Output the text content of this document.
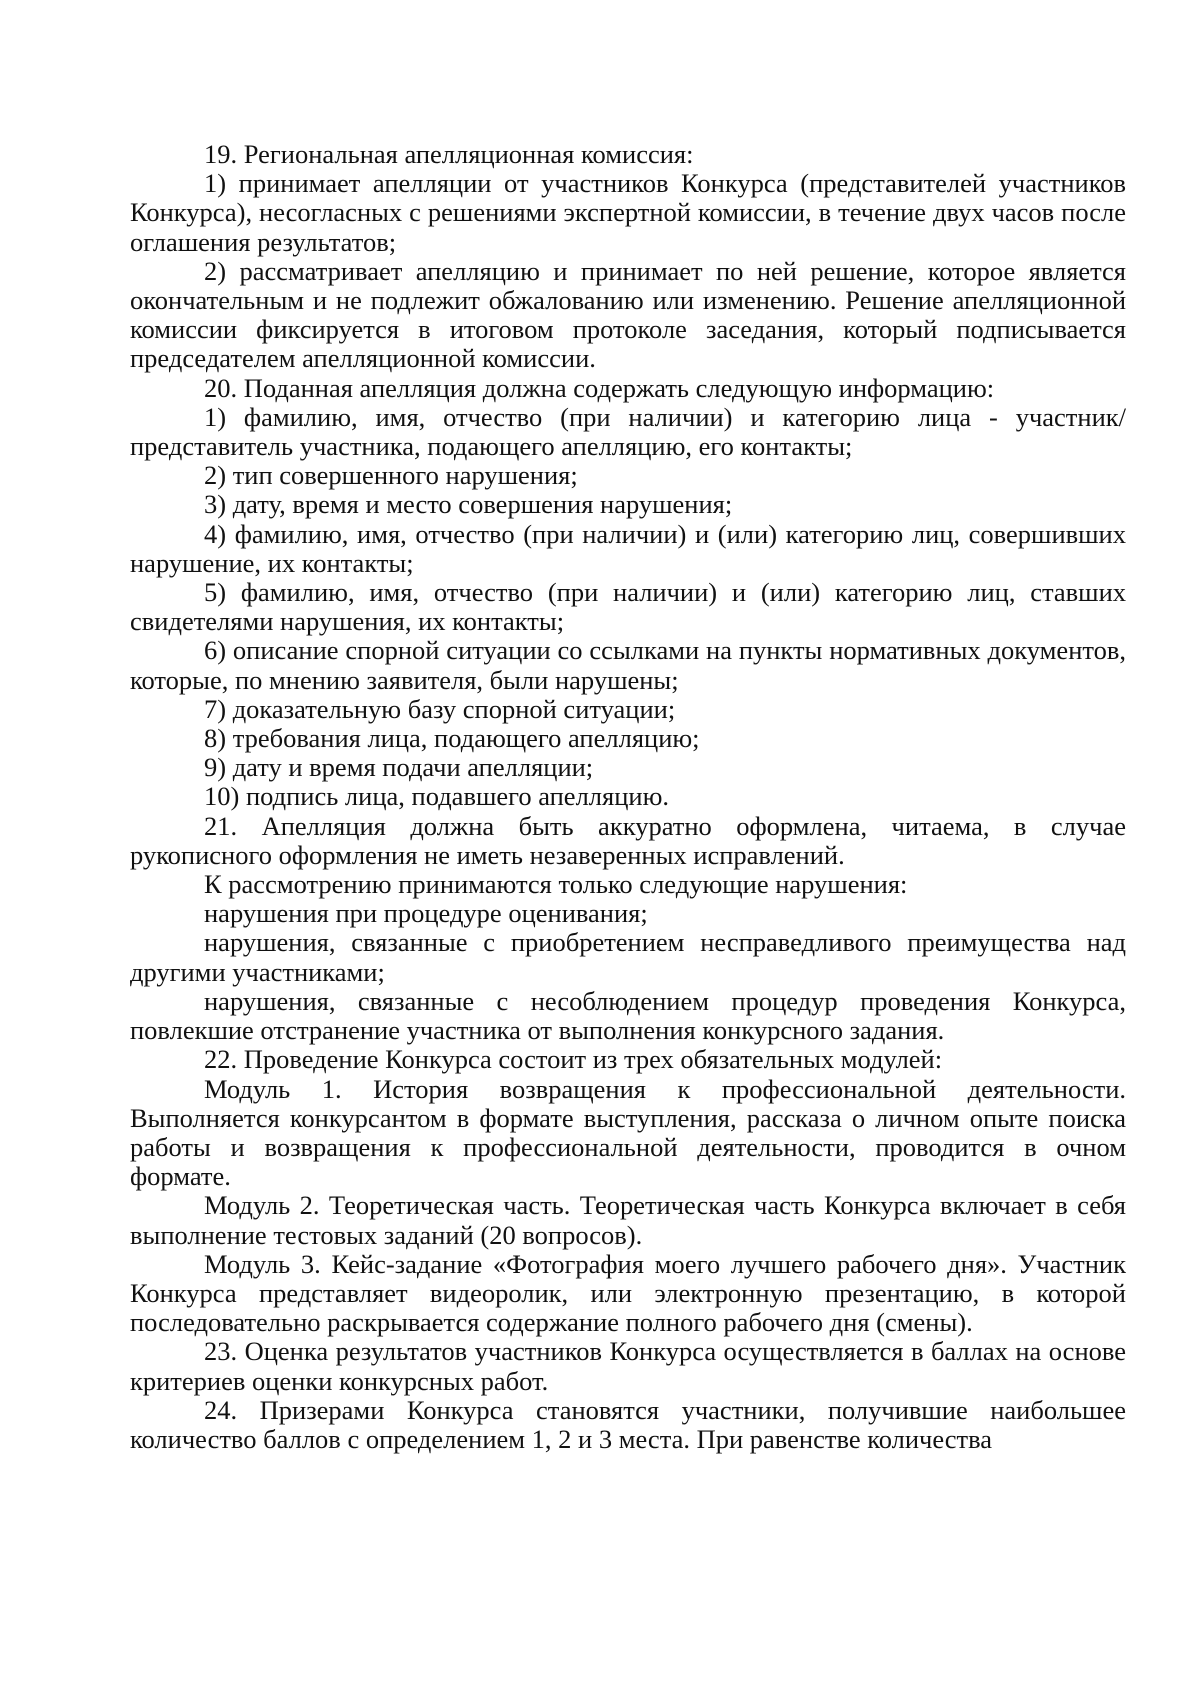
19. Региональная апелляционная комиссия:

1) принимает апелляции от участников Конкурса (представителей участников Конкурса), несогласных с решениями экспертной комиссии, в течение двух часов после оглашения результатов;

2) рассматривает апелляцию и принимает по ней решение, которое является окончательным и не подлежит обжалованию или изменению. Решение апелляционной комиссии фиксируется в итоговом протоколе заседания, который подписывается председателем апелляционной комиссии.

20. Поданная апелляция должна содержать следующую информацию:

1) фамилию, имя, отчество (при наличии) и категорию лица - участник/представитель участника, подающего апелляцию, его контакты;

2) тип совершенного нарушения;

3) дату, время и место совершения нарушения;

4) фамилию, имя, отчество (при наличии) и (или) категорию лиц, совершивших нарушение, их контакты;

5) фамилию, имя, отчество (при наличии) и (или) категорию лиц, ставших свидетелями нарушения, их контакты;

6) описание спорной ситуации со ссылками на пункты нормативных документов, которые, по мнению заявителя, были нарушены;

7) доказательную базу спорной ситуации;

8) требования лица, подающего апелляцию;

9) дату и время подачи апелляции;

10) подпись лица, подавшего апелляцию.

21. Апелляция должна быть аккуратно оформлена, читаема, в случае рукописного оформления не иметь незаверенных исправлений.

К рассмотрению принимаются только следующие нарушения:

нарушения при процедуре оценивания;

нарушения, связанные с приобретением несправедливого преимущества над другими участниками;

нарушения, связанные с несоблюдением процедур проведения Конкурса, повлекшие отстранение участника от выполнения конкурсного задания.

22. Проведение Конкурса состоит из трех обязательных модулей:

Модуль 1. История возвращения к профессиональной деятельности. Выполняется конкурсантом в формате выступления, рассказа о личном опыте поиска работы и возвращения к профессиональной деятельности, проводится в очном формате.

Модуль 2. Теоретическая часть. Теоретическая часть Конкурса включает в себя выполнение тестовых заданий (20 вопросов).

Модуль 3. Кейс-задание «Фотография моего лучшего рабочего дня». Участник Конкурса представляет видеоролик, или электронную презентацию, в которой последовательно раскрывается содержание полного рабочего дня (смены).

23. Оценка результатов участников Конкурса осуществляется в баллах на основе критериев оценки конкурсных работ.

24. Призерами Конкурса становятся участники, получившие наибольшее количество баллов с определением 1, 2 и 3 места. При равенстве количества
